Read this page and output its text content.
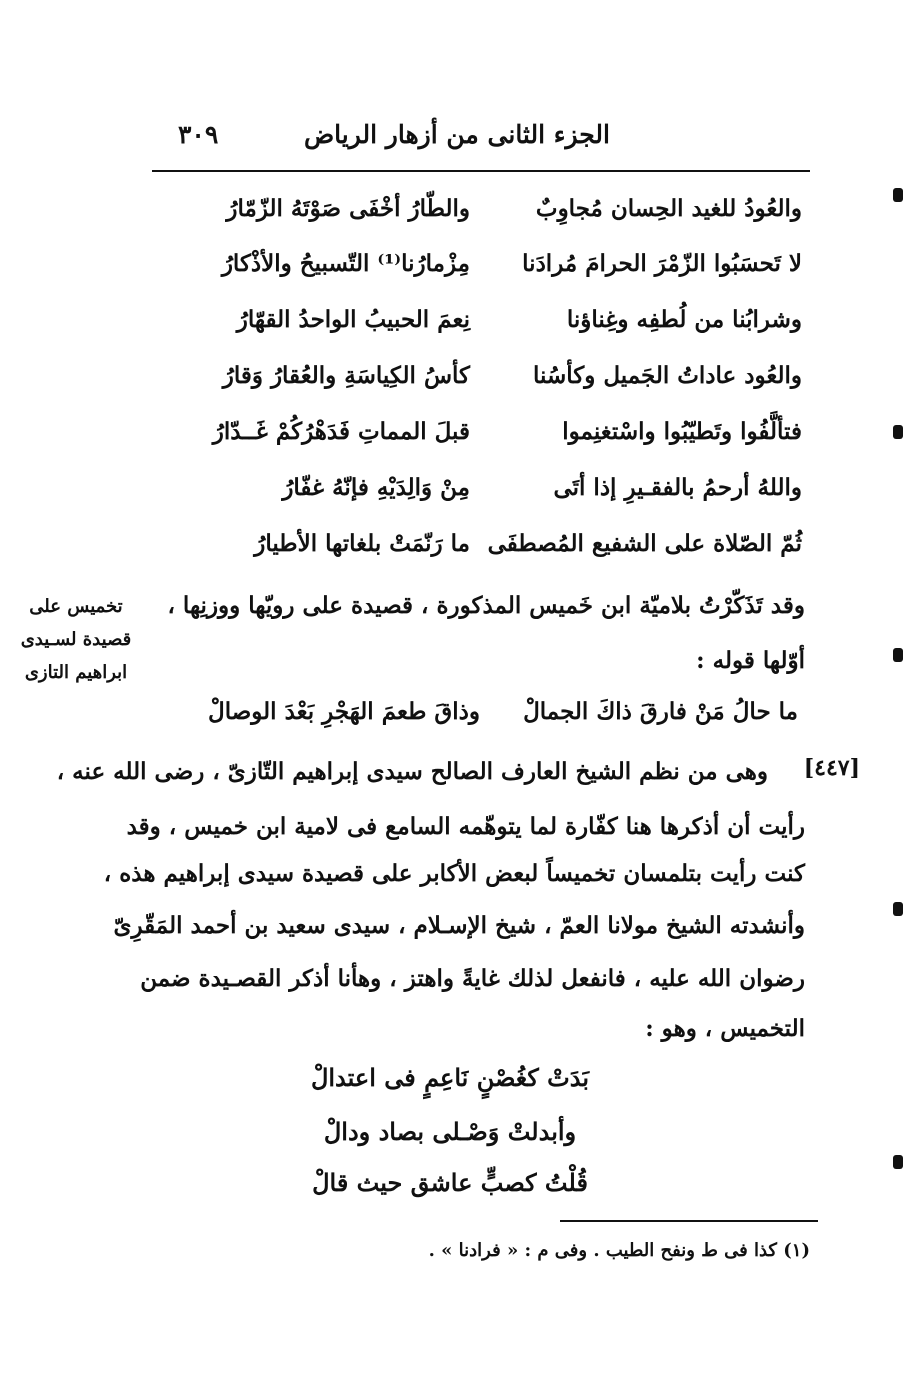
الجزء الثانى من أزهار الرياض
٣٠٩
والعُودُ للغيد الحِسان مُجاوِبٌ
والطّارُ أخْفَى صَوْتَهُ الزّمّارُ
لا تَحسَبُوا الزّمْرَ الحرامَ مُرادَنا
مِزْمارُنا⁽¹⁾ التّسبيحُ والأذْكارُ
وشرابُنا من لُطفِه وغِناؤنا
نِعمَ الحبيبُ الواحدُ القهّارُ
والعُود عاداتُ الجَميل وكأسُنا
كأسُ الكِياسَةِ والعُقارُ وَقارُ
فتألَّفُوا وتَطيّبُوا واسْتغنِموا
قبلَ المماتِ فَدَهْرُكُمْ غَــدّارُ
واللهُ أرحمُ بالفقـيرِ إذا أتَى
مِنْ وَالِدَيْهِ فإنّهُ غفّارُ
ثُمّ الصّلاة على الشفيع المُصطفَى
ما رَنّمَتْ بلغاتها الأطيارُ
وقد تَذَكّرْتُ بلاميّة ابن خَميس المذكورة ، قصيدة على رويّها ووزنِها ،
أوّلها قوله :
تخميس على
قصيدة لسـيدى
ابراهيم التازى
ما حالُ مَنْ فارقَ ذاكَ الجمالْ
وذاقَ طعمَ الهَجْرِ بَعْدَ الوصالْ
[٤٤٧]
وهى من نظم الشيخ العارف الصالح سيدى إبراهيم التّازىّ ، رضى الله عنه ،
رأيت أن أذكرها هنا كفّارة لما يتوهّمه السامع فى لامية ابن خميس ، وقد
كنت رأيت بتلمسان تخميساً لبعض الأكابر على قصيدة سيدى إبراهيم هذه ،
وأنشدته الشيخ مولانا العمّ ، شيخ الإسـلام ، سيدى سعيد بن أحمد المَقّرِىّ
رضوان الله عليه ، فانفعل لذلك غايةً واهتز ، وهأنا أذكر القصـيدة ضمن
التخميس ، وهو :
بَدَتْ كغُصْنٍ نَاعِمٍ فى اعتدالْ
وأبدلتْ وَصْـلى بصاد ودالْ
قُلْتُ كصبٍّ عاشق حيث قالْ
(١) كذا فى ط ونفح الطيب . وفى م : « فرادنا » .
